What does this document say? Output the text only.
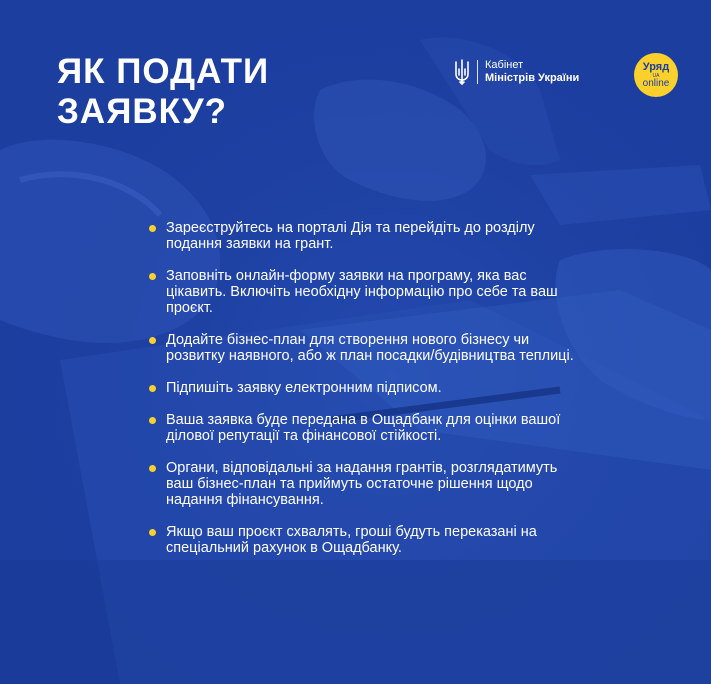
ЯК ПОДАТИ
ЗАЯВКУ?
Кабінет
Міністрів України
Уряд
UA
online
Зареєструйтесь на порталі Дія та перейдіть до розділу подання заявки на грант.
Заповніть онлайн-форму заявки на програму, яка вас цікавить. Включіть необхідну інформацію про себе та ваш проєкт.
Додайте бізнес-план для створення нового бізнесу чи розвитку наявного, або ж план посадки/будівництва теплиці.
Підпишіть заявку електронним підписом.
Ваша заявка буде передана в Ощадбанк для оцінки вашої ділової репутації та фінансової стійкості.
Органи, відповідальні за надання грантів, розглядатимуть ваш бізнес-план та приймуть остаточне рішення щодо надання фінансування.
Якщо ваш проєкт схвалять, гроші будуть переказані на спеціальний рахунок в Ощадбанку.
